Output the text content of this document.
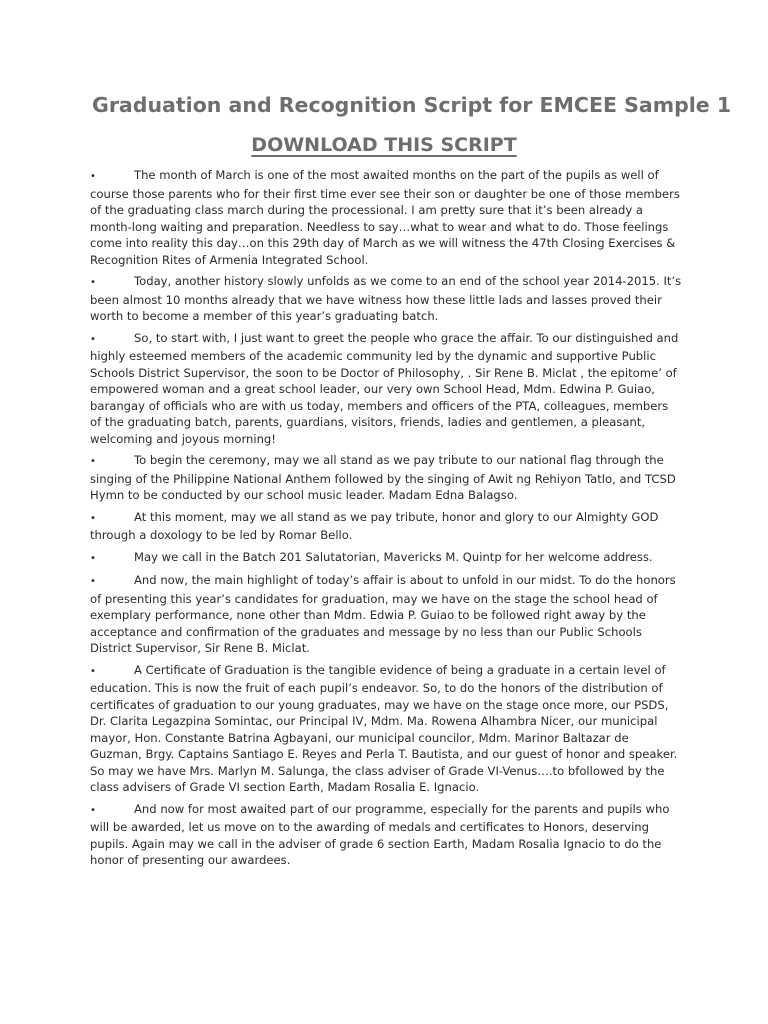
Graduation and Recognition Script for EMCEE Sample 1
DOWNLOAD THIS SCRIPT
•	The month of March is one of the most awaited months on the part of the pupils as well of course those parents who for their first time ever see their son or daughter be one of those members of the graduating class march during the processional. I am pretty sure that it’s been already a month-long waiting and preparation. Needless to say…what to wear and what to do. Those feelings come into reality this day…on this 29th day of March as we will witness the 47th Closing Exercises & Recognition Rites of Armenia Integrated School.
•	Today, another history slowly unfolds as we come to an end of the school year 2014-2015. It’s been almost 10 months already that we have witness how these little lads and lasses proved their worth to become a member of this year’s graduating batch.
•	So, to start with, I just want to greet the people who grace the affair. To our distinguished and highly esteemed members of the academic community led by the dynamic and supportive Public Schools District Supervisor, the soon to be Doctor of Philosophy, . Sir Rene B. Miclat , the epitome’ of empowered woman and a great school leader, our very own School Head, Mdm. Edwina P. Guiao, barangay of officials who are with us today, members and officers of the PTA, colleagues, members of the graduating batch, parents, guardians, visitors, friends, ladies and gentlemen, a pleasant, welcoming and joyous morning!
•	To begin the ceremony, may we all stand as we pay tribute to our national flag through the singing of the Philippine National Anthem followed by the singing of Awit ng Rehiyon Tatlo, and TCSD Hymn to be conducted by our school music leader. Madam Edna Balagso.
•	At this moment, may we all stand as we pay tribute, honor and glory to our Almighty GOD through a doxology to be led by Romar Bello.
•	May we call in the Batch 201 Salutatorian, Mavericks M. Quintp for her welcome address.
•	And now, the main highlight of today’s affair is about to unfold in our midst. To do the honors of presenting this year’s candidates for graduation, may we have on the stage the school head of exemplary performance, none other than Mdm. Edwia P. Guiao to be followed right away by the acceptance and confirmation of the graduates and message by no less than our Public Schools District Supervisor, Sir Rene B. Miclat.
•	A Certificate of Graduation is the tangible evidence of being a graduate in a certain level of education. This is now the fruit of each pupil’s endeavor. So, to do the honors of the distribution of certificates of graduation to our young graduates, may we have on the stage once more, our PSDS, Dr. Clarita Legazpina Somintac, our Principal IV, Mdm. Ma. Rowena Alhambra Nicer, our municipal mayor, Hon. Constante Batrina Agbayani, our municipal councilor, Mdm. Marinor Baltazar de Guzman, Brgy. Captains Santiago E. Reyes and Perla T. Bautista, and our guest of honor and speaker. So may we have Mrs. Marlyn M. Salunga, the class adviser of Grade VI-Venus….to bfollowed by the class advisers of Grade VI section Earth, Madam Rosalia E. Ignacio.
•	And now for most awaited part of our programme, especially for the parents and pupils who will be awarded, let us move on to the awarding of medals and certificates to Honors, deserving pupils. Again may we call in the adviser of grade 6 section Earth, Madam Rosalia Ignacio to do the honor of presenting our awardees.
